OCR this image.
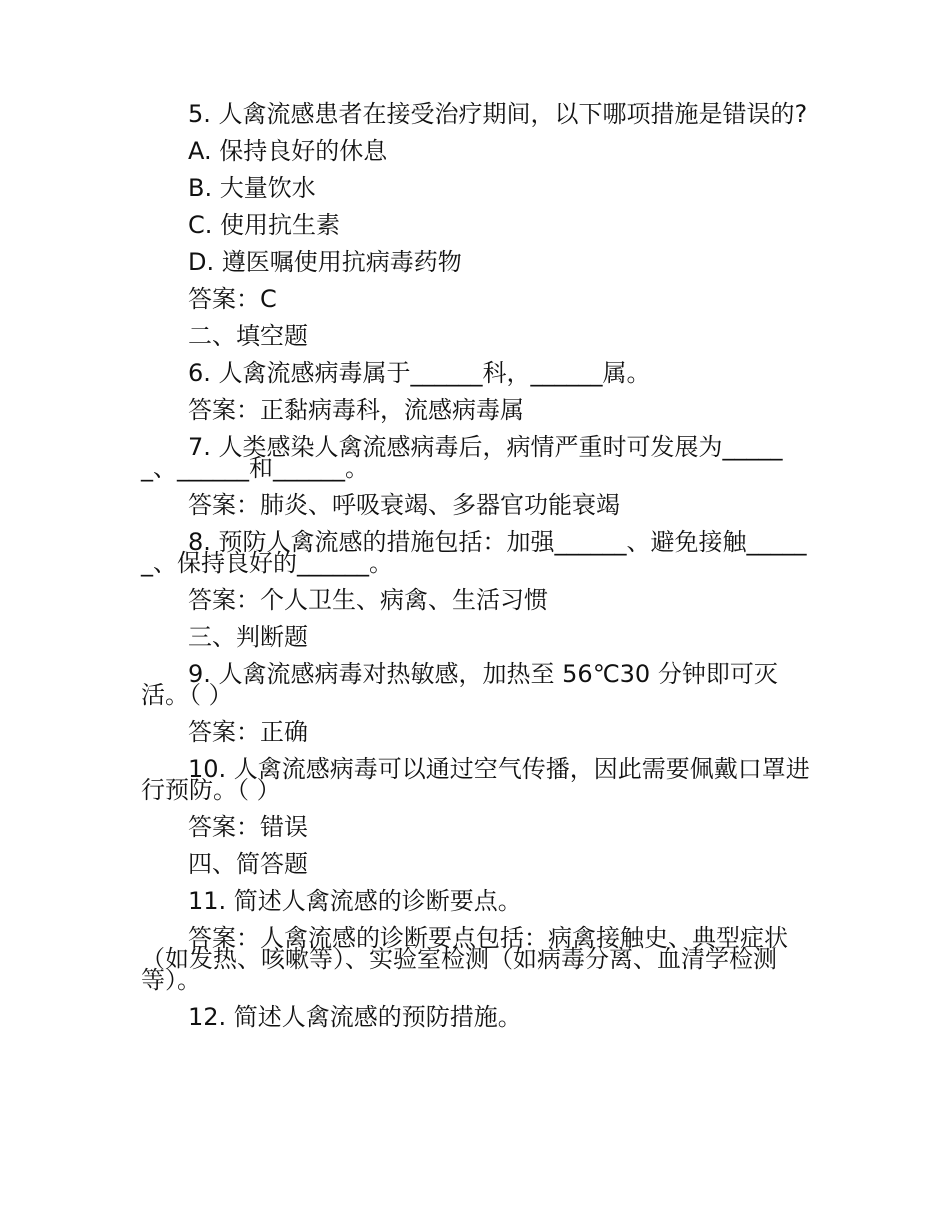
5. 人禽流感患者在接受治疗期间，以下哪项措施是错误的?

A. 保持良好的休息

B. 大量饮水

C. 使用抗生素

D. 遵医嘱使用抗病毒药物

答案：C

二、填空题

6. 人禽流感病毒属于______科，______属。

答案：正黏病毒科，流感病毒属

7. 人类感染人禽流感病毒后，病情严重时可发展为______、______和______。

答案：肺炎、呼吸衰竭、多器官功能衰竭

8. 预防人禽流感的措施包括：加强______、避免接触______、保持良好的______。

答案：个人卫生、病禽、生活习惯

三、判断题

9. 人禽流感病毒对热敏感，加热至 56℃30 分钟即可灭活。（ ）

答案：正确

10. 人禽流感病毒可以通过空气传播，因此需要佩戴口罩进行预防。（ ）

答案：错误

四、简答题

11. 简述人禽流感的诊断要点。

答案：人禽流感的诊断要点包括：病禽接触史、典型症状（如发热、咳嗽等）、实验室检测（如病毒分离、血清学检测等）。

12. 简述人禽流感的预防措施。
